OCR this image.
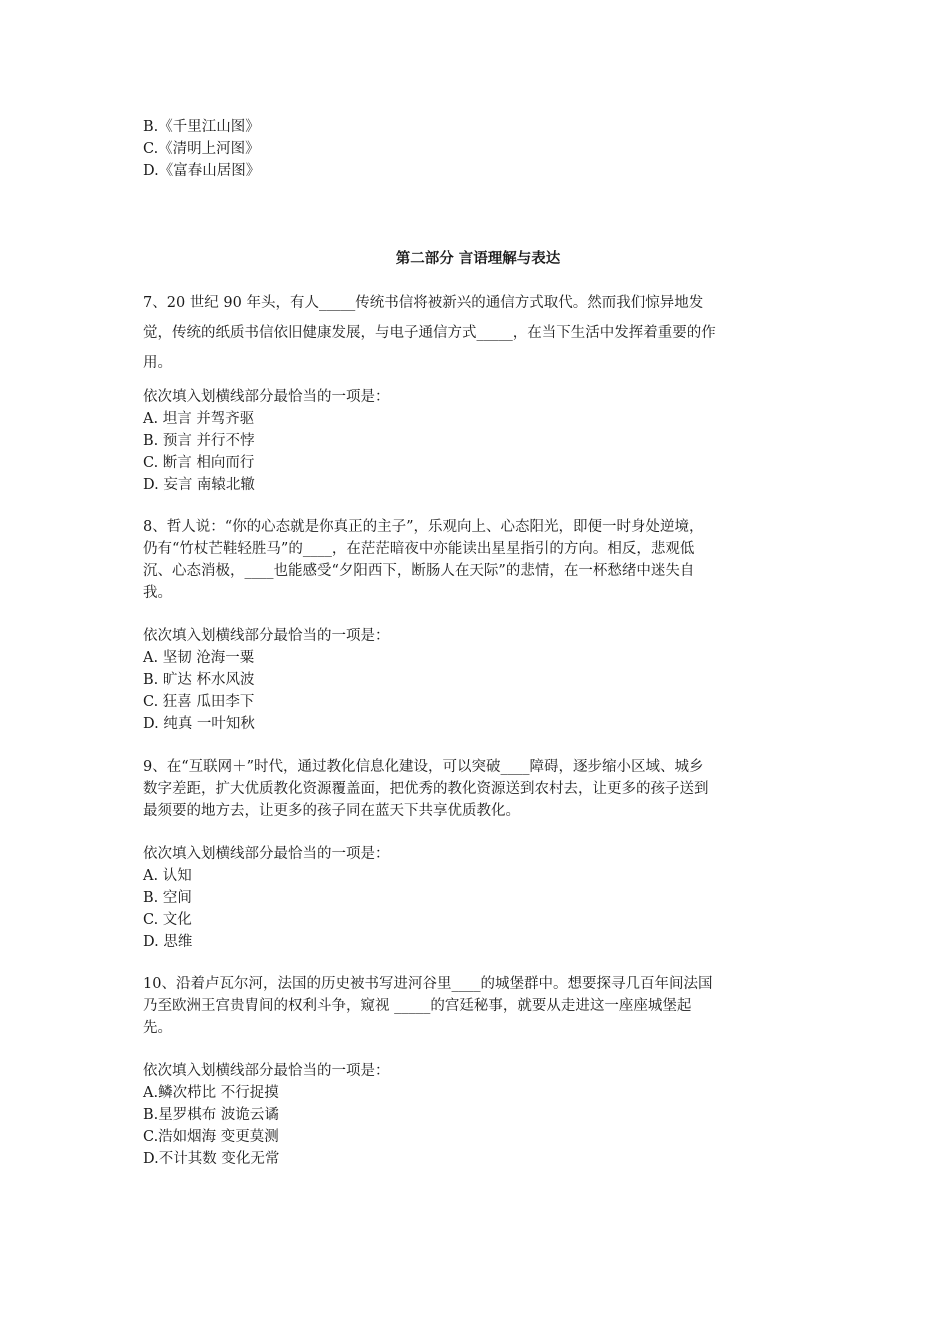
B.《千里江山图》

C.《清明上河图》

D.《富春山居图》

第二部分 言语理解与表达

7、20 世纪 90 年头，有人_____传统书信将被新兴的通信方式取代。然而我们惊异地发

觉，传统的纸质书信依旧健康发展，与电子通信方式_____，在当下生活中发挥着重要的作

用。

依次填入划横线部分最恰当的一项是：

A. 坦言 并驾齐驱

B. 预言 并行不悖

C. 断言 相向而行

D. 妄言 南辕北辙

8、哲人说：“你的心态就是你真正的主子”，乐观向上、心态阳光，即便一时身处逆境，

仍有“竹杖芒鞋轻胜马”的____，在茫茫暗夜中亦能读出星星指引的方向。相反，悲观低

沉、心态消极，____也能感受“夕阳西下，断肠人在天际”的悲情，在一杯愁绪中迷失自

我。

依次填入划横线部分最恰当的一项是：

A. 坚韧 沧海一粟

B. 旷达 杯水风波

C. 狂喜 瓜田李下

D. 纯真 一叶知秋

9、在“互联网＋”时代，通过教化信息化建设，可以突破____障碍，逐步缩小区域、城乡

数字差距，扩大优质教化资源覆盖面，把优秀的教化资源送到农村去，让更多的孩子送到

最须要的地方去，让更多的孩子同在蓝天下共享优质教化。

依次填入划横线部分最恰当的一项是：

A. 认知

B. 空间

C. 文化

D. 思维

10、沿着卢瓦尔河，法国的历史被书写进河谷里____的城堡群中。想要探寻几百年间法国

乃至欧洲王宫贵胄间的权利斗争，窥视 _____的宫廷秘事，就要从走进这一座座城堡起

先。

依次填入划横线部分最恰当的一项是：

A.鳞次栉比 不行捉摸

B.星罗棋布 波诡云谲

C.浩如烟海 变更莫测

D.不计其数 变化无常
